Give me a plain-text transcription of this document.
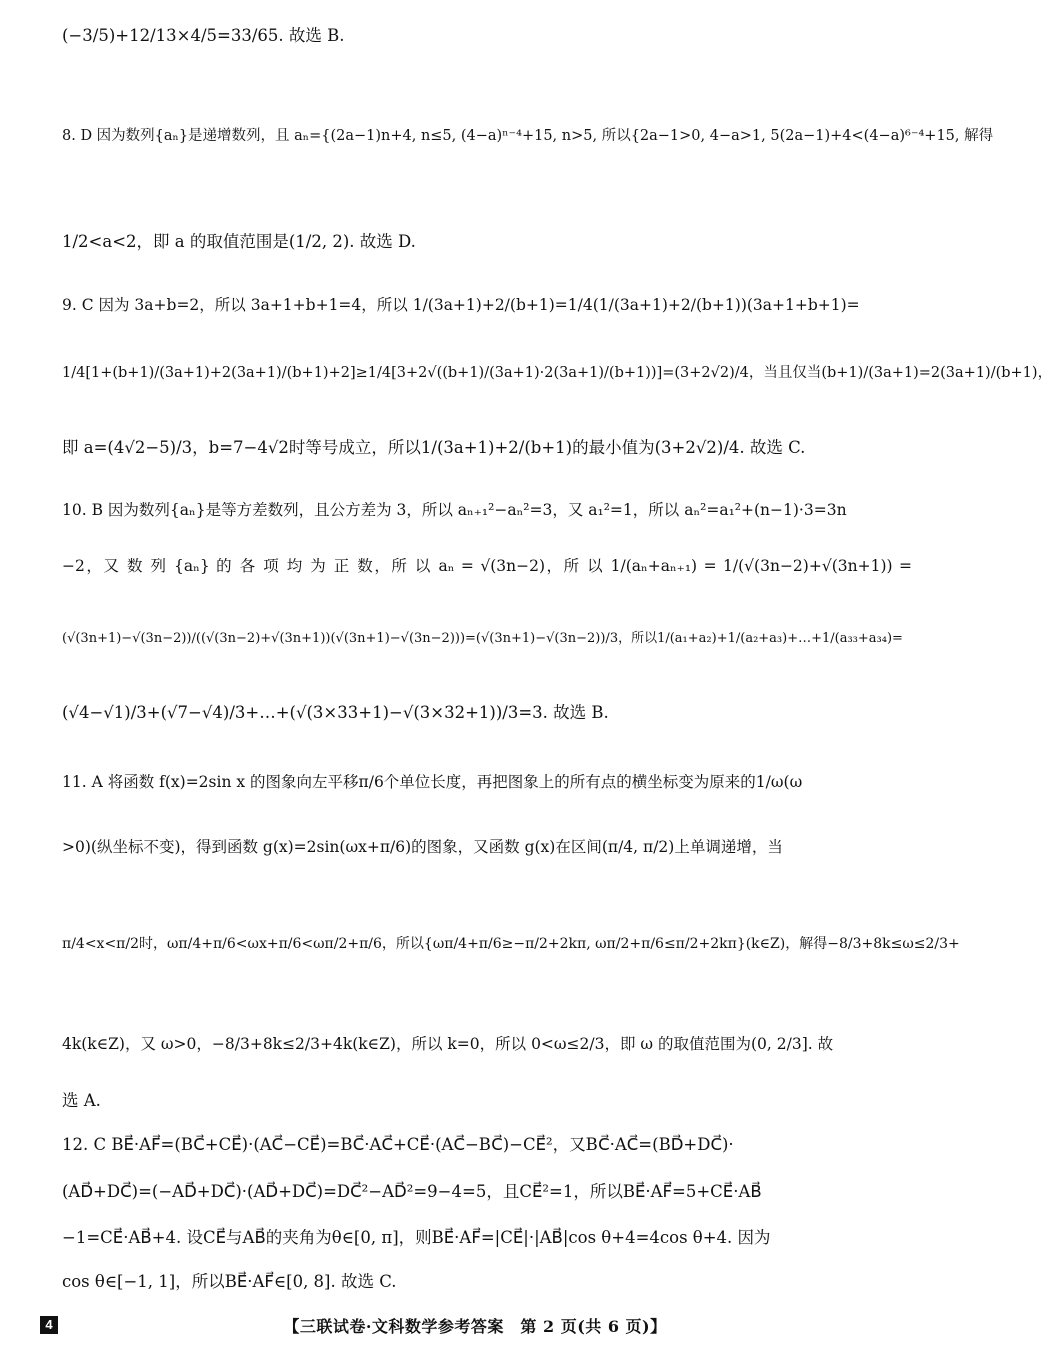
(−3/5)+12/13×4/5=33/65. 故选 B.
8. D 因为数列{aₙ}是递增数列，且 aₙ={(2a−1)n+4, n≤5, (4−a)ⁿ⁻⁴+15, n>5, 所以{2a−1>0, 4−a>1, 5(2a−1)+4<(4−a)⁶⁻⁴+15, 解得
1/2<a<2，即 a 的取值范围是(1/2, 2). 故选 D.
9. C 因为 3a+b=2，所以 3a+1+b+1=4，所以 1/(3a+1)+2/(b+1)=1/4(1/(3a+1)+2/(b+1))(3a+1+b+1)=
1/4[1+(b+1)/(3a+1)+2(3a+1)/(b+1)+2]≥1/4[3+2√((b+1)/(3a+1)·2(3a+1)/(b+1))]=(3+2√2)/4，当且仅当(b+1)/(3a+1)=2(3a+1)/(b+1)，
即 a=(4√2−5)/3，b=7−4√2时等号成立，所以1/(3a+1)+2/(b+1)的最小值为(3+2√2)/4. 故选 C.
10. B 因为数列{aₙ}是等方差数列，且公方差为 3，所以 aₙ₊₁²−aₙ²=3，又 a₁²=1，所以 aₙ²=a₁²+(n−1)·3=3n
−2，又 数 列 {aₙ} 的 各 项 均 为 正 数，所 以 aₙ = √(3n−2)，所 以 1/(aₙ+aₙ₊₁) = 1/(√(3n−2)+√(3n+1)) =
(√(3n+1)−√(3n−2))/((√(3n−2)+√(3n+1))(√(3n+1)−√(3n−2)))=(√(3n+1)−√(3n−2))/3，所以1/(a₁+a₂)+1/(a₂+a₃)+…+1/(a₃₃+a₃₄)=
(√4−√1)/3+(√7−√4)/3+…+(√(3×33+1)−√(3×32+1))/3=3. 故选 B.
11. A 将函数 f(x)=2sin x 的图象向左平移π/6个单位长度，再把图象上的所有点的横坐标变为原来的1/ω(ω
>0)(纵坐标不变)，得到函数 g(x)=2sin(ωx+π/6)的图象，又函数 g(x)在区间(π/4, π/2)上单调递增，当
π/4<x<π/2时，ωπ/4+π/6<ωx+π/6<ωπ/2+π/6，所以{ωπ/4+π/6≥−π/2+2kπ, ωπ/2+π/6≤π/2+2kπ}(k∈Z)，解得−8/3+8k≤ω≤2/3+
4k(k∈Z)，又 ω>0，−8/3+8k≤2/3+4k(k∈Z)，所以 k=0，所以 0<ω≤2/3，即 ω 的取值范围为(0, 2/3]. 故
选 A.
12. C BE⃗·AF⃗=(BC⃗+CE⃗)·(AC⃗−CE⃗)=BC⃗·AC⃗+CE⃗·(AC⃗−BC⃗)−CE⃗²，又BC⃗·AC⃗=(BD⃗+DC⃗)·
(AD⃗+DC⃗)=(−AD⃗+DC⃗)·(AD⃗+DC⃗)=DC⃗²−AD⃗²=9−4=5，且CE⃗²=1，所以BE⃗·AF⃗=5+CE⃗·AB⃗
−1=CE⃗·AB⃗+4. 设CE⃗与AB⃗的夹角为θ∈[0, π]，则BE⃗·AF⃗=|CE⃗|·|AB⃗|cos θ+4=4cos θ+4. 因为
cos θ∈[−1, 1]，所以BE⃗·AF⃗∈[0, 8]. 故选 C.
4	【三联试卷·文科数学参考答案　第 2 页(共 6 页)】
